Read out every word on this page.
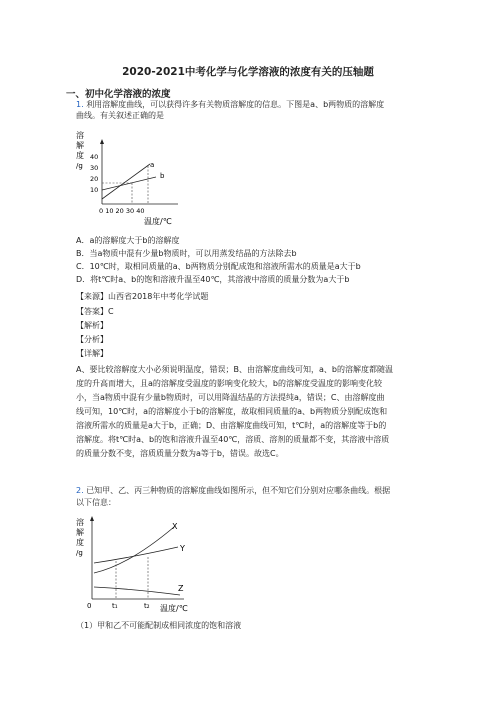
2020-2021中考化学与化学溶液的浓度有关的压轴题
一、初中化学溶液的浓度
1. 利用溶解度曲线，可以获得许多有关物质溶解度的信息。下图是a、b两物质的溶解度
曲线。有关叙述正确的是
溶
解
度
/g
40
30
20
10
a
b
0 10 20 30 40
温度/℃
A．a的溶解度大于b的溶解度
B．当a物质中混有少量b物质时，可以用蒸发结晶的方法除去b
C．10℃时，取相同质量的a、b两物质分别配成饱和溶液所需水的质量是a大于b
D．将t℃时a、b的饱和溶液升温至40℃，其溶液中溶质的质量分数为a大于b
【来源】山西省2018年中考化学试题
【答案】C
【解析】
【分析】
【详解】
A、要比较溶解度大小必须说明温度，错误；B、由溶解度曲线可知，a、b的溶解度都随温
度的升高而增大，且a的溶解度受温度的影响变化较大，b的溶解度受温度的影响变化较
小，当a物质中混有少量b物质时，可以用降温结晶的方法提纯a，错误；C、由溶解度曲
线可知，10℃时，a的溶解度小于b的溶解度，故取相同质量的a、b两物质分别配成饱和
溶液所需水的质量是a大于b，正确；D、由溶解度曲线可知，t℃时，a的溶解度等于b的
溶解度。将t℃时a、b的饱和溶液升温至40℃，溶质、溶剂的质量都不变，其溶液中溶质
的质量分数不变，溶质质量分数为a等于b，错误。故选C。
2. 已知甲、乙、丙三种物质的溶解度曲线如图所示，但不知它们分别对应哪条曲线。根据
以下信息：
溶
解
度
/g
X
Y
Z
0	t₁	t₂ 温度/℃
（1）甲和乙不可能配制成相同浓度的饱和溶液
